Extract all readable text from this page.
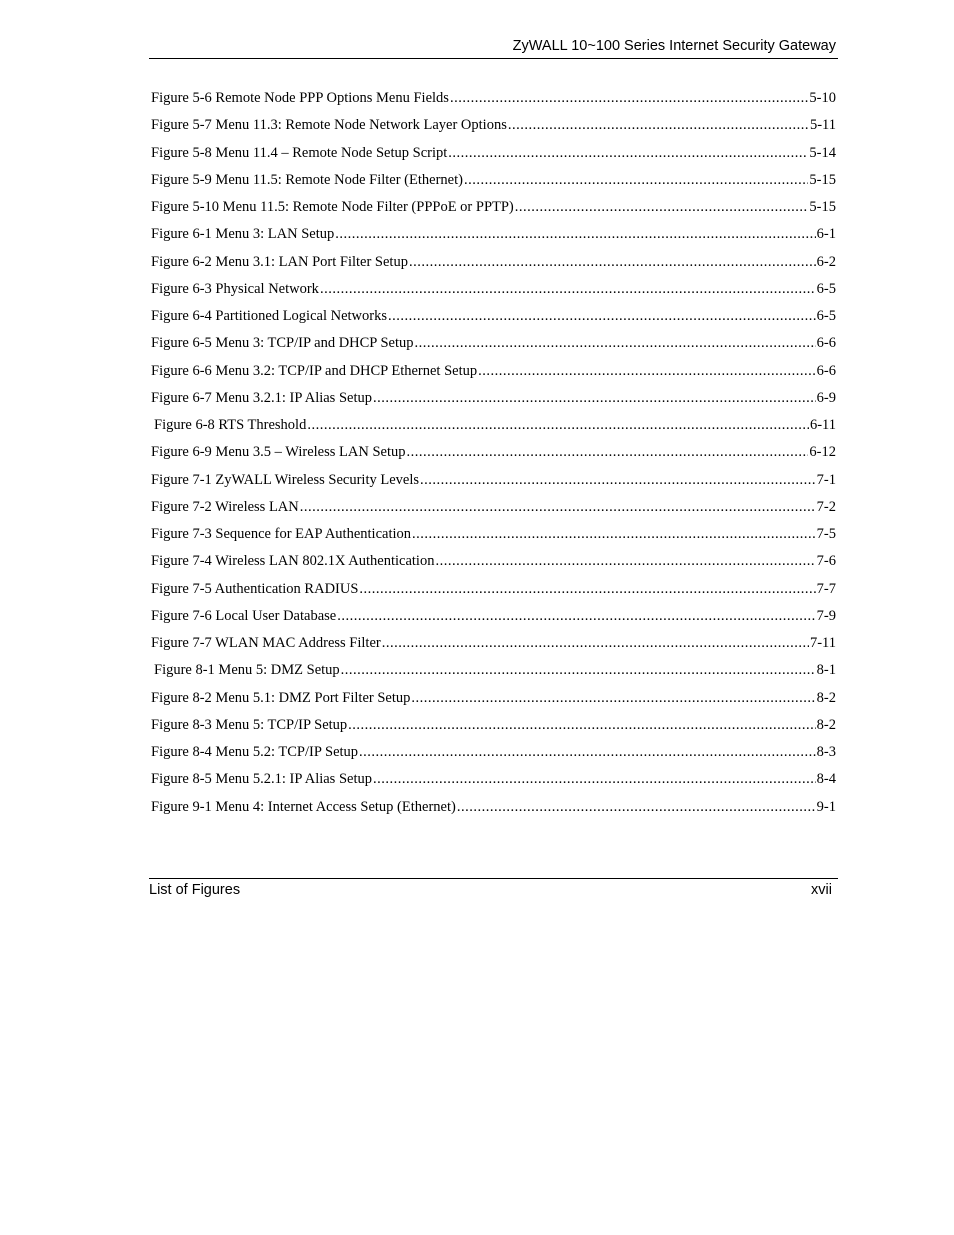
ZyWALL 10~100 Series Internet Security Gateway
Figure 5-6 Remote Node PPP Options Menu Fields .....	5-10
Figure 5-7 Menu 11.3: Remote Node Network Layer Options .....	5-11
Figure 5-8 Menu 11.4 – Remote Node Setup Script .....	5-14
Figure 5-9 Menu 11.5: Remote Node Filter (Ethernet) .....	5-15
Figure 5-10 Menu 11.5: Remote Node Filter (PPPoE or PPTP) .....	5-15
Figure 6-1 Menu 3: LAN Setup .....	6-1
Figure 6-2 Menu 3.1: LAN Port Filter Setup .....	6-2
Figure 6-3 Physical Network .....	6-5
Figure 6-4 Partitioned Logical Networks .....	6-5
Figure 6-5 Menu 3: TCP/IP and DHCP Setup .....	6-6
Figure 6-6 Menu 3.2: TCP/IP and DHCP Ethernet Setup .....	6-6
Figure 6-7 Menu 3.2.1: IP Alias Setup .....	6-9
Figure 6-8 RTS Threshold .....	6-11
Figure 6-9 Menu 3.5 – Wireless LAN Setup .....	6-12
Figure 7-1 ZyWALL Wireless Security Levels .....	7-1
Figure 7-2 Wireless LAN .....	7-2
Figure 7-3 Sequence for EAP Authentication .....	7-5
Figure 7-4 Wireless LAN 802.1X Authentication .....	7-6
Figure 7-5 Authentication RADIUS .....	7-7
Figure 7-6 Local User Database .....	7-9
Figure 7-7 WLAN MAC Address Filter .....	7-11
Figure 8-1 Menu 5: DMZ Setup .....	8-1
Figure 8-2 Menu 5.1: DMZ Port Filter Setup .....	8-2
Figure 8-3 Menu 5: TCP/IP Setup .....	8-2
Figure 8-4 Menu 5.2: TCP/IP Setup .....	8-3
Figure 8-5 Menu 5.2.1: IP Alias Setup .....	8-4
Figure 9-1 Menu 4: Internet Access Setup (Ethernet) .....	9-1
List of Figures	xvii
